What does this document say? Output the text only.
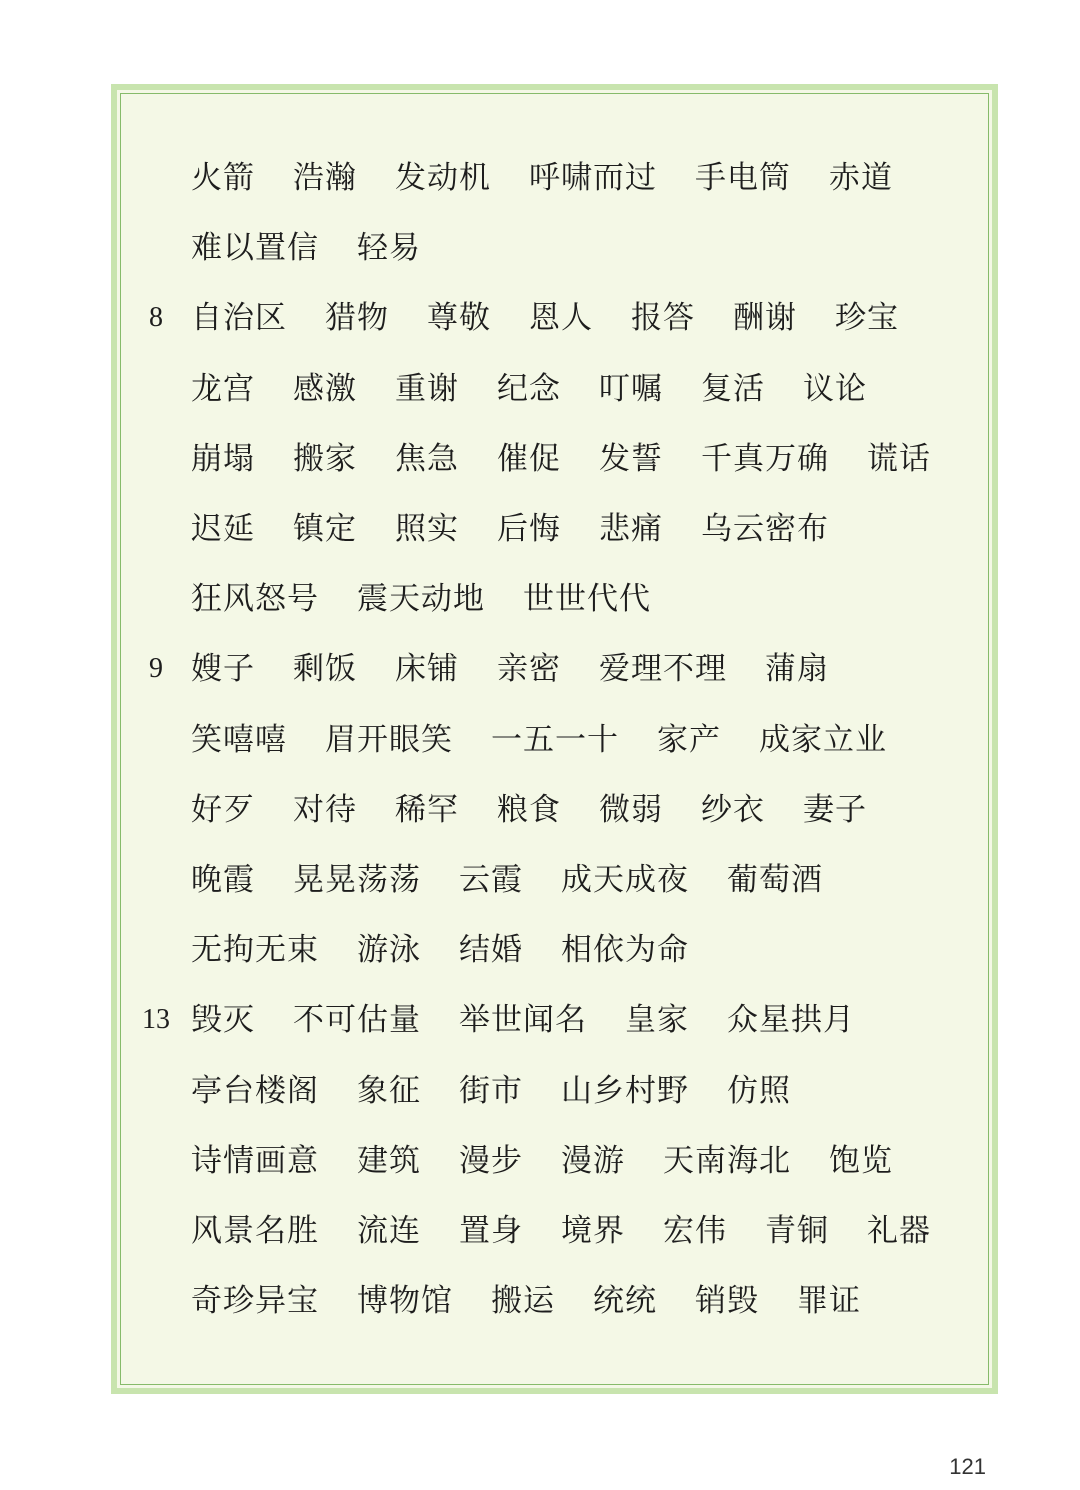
火箭 浩瀚 发动机 呼啸而过 手电筒 赤道
难以置信 轻易
8 自治区 猎物 尊敬 恩人 报答 酬谢 珍宝
龙宫 感激 重谢 纪念 叮嘱 复活 议论
崩塌 搬家 焦急 催促 发誓 千真万确 谎话
迟延 镇定 照实 后悔 悲痛 乌云密布
狂风怒号 震天动地 世世代代
9 嫂子 剩饭 床铺 亲密 爱理不理 蒲扇
笑嘻嘻 眉开眼笑 一五一十 家产 成家立业
好歹 对待 稀罕 粮食 微弱 纱衣 妻子
晚霞 晃晃荡荡 云霞 成天成夜 葡萄酒
无拘无束 游泳 结婚 相依为命
13 毁灭 不可估量 举世闻名 皇家 众星拱月
亭台楼阁 象征 街市 山乡村野 仿照
诗情画意 建筑 漫步 漫游 天南海北 饱览
风景名胜 流连 置身 境界 宏伟 青铜 礼器
奇珍异宝 博物馆 搬运 统统 销毁 罪证
121
